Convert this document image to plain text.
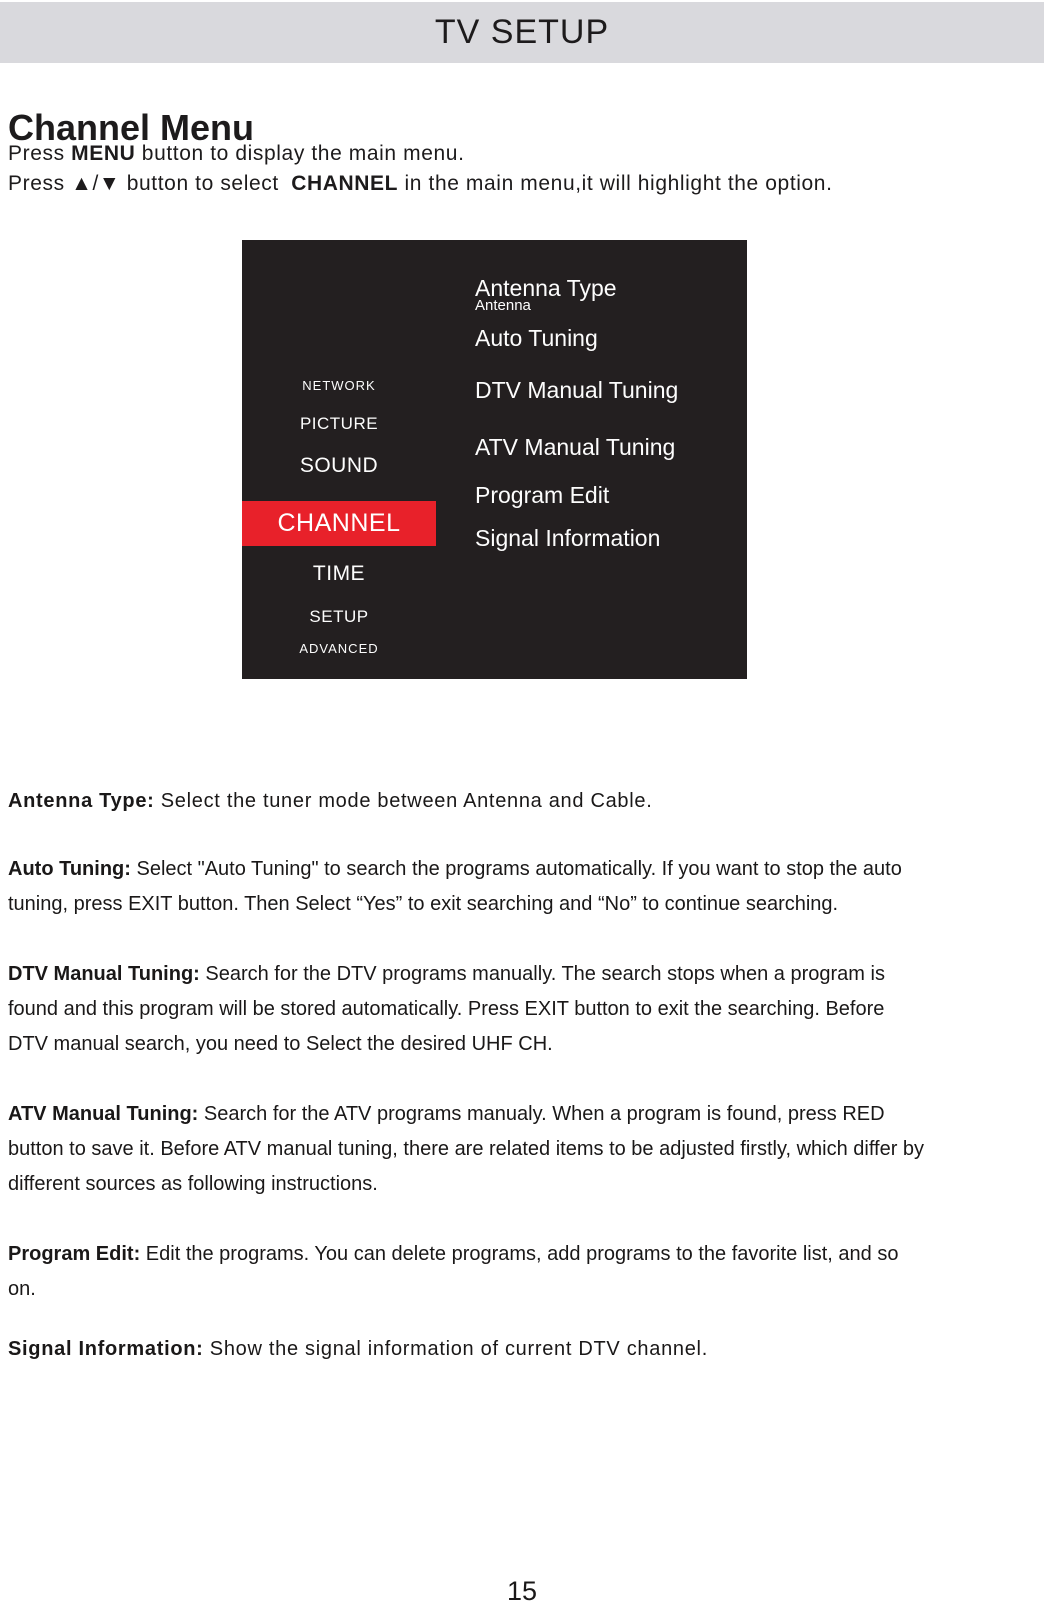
TV SETUP
Channel Menu
Press MENU button to display the main menu.
Press ▲/▼ button to select CHANNEL in the main menu,it will highlight the option.
NETWORK
PICTURE
SOUND
CHANNEL
TIME
SETUP
ADVANCED
Antenna Type
Antenna
Auto Tuning
DTV Manual Tuning
ATV Manual Tuning
Program Edit
Signal Information

Antenna Type: Select the tuner mode between Antenna and Cable.

Auto Tuning: Select "Auto Tuning" to search the programs automatically. If you want to stop the auto
tuning, press EXIT button. Then Select “Yes” to exit searching and “No” to continue searching.

DTV Manual Tuning: Search for the DTV programs manually. The search stops when a program is
found and this program will be stored automatically. Press EXIT button to exit the searching. Before
DTV manual search, you need to Select the desired UHF CH.

ATV Manual Tuning: Search for the ATV programs manualy. When a program is found, press RED
button to save it. Before ATV manual tuning, there are related items to be adjusted firstly, which differ by
different sources as following instructions.

Program Edit: Edit the programs. You can delete programs, add programs to the favorite list, and so
on.

Signal Information: Show the signal information of current DTV channel.

15
